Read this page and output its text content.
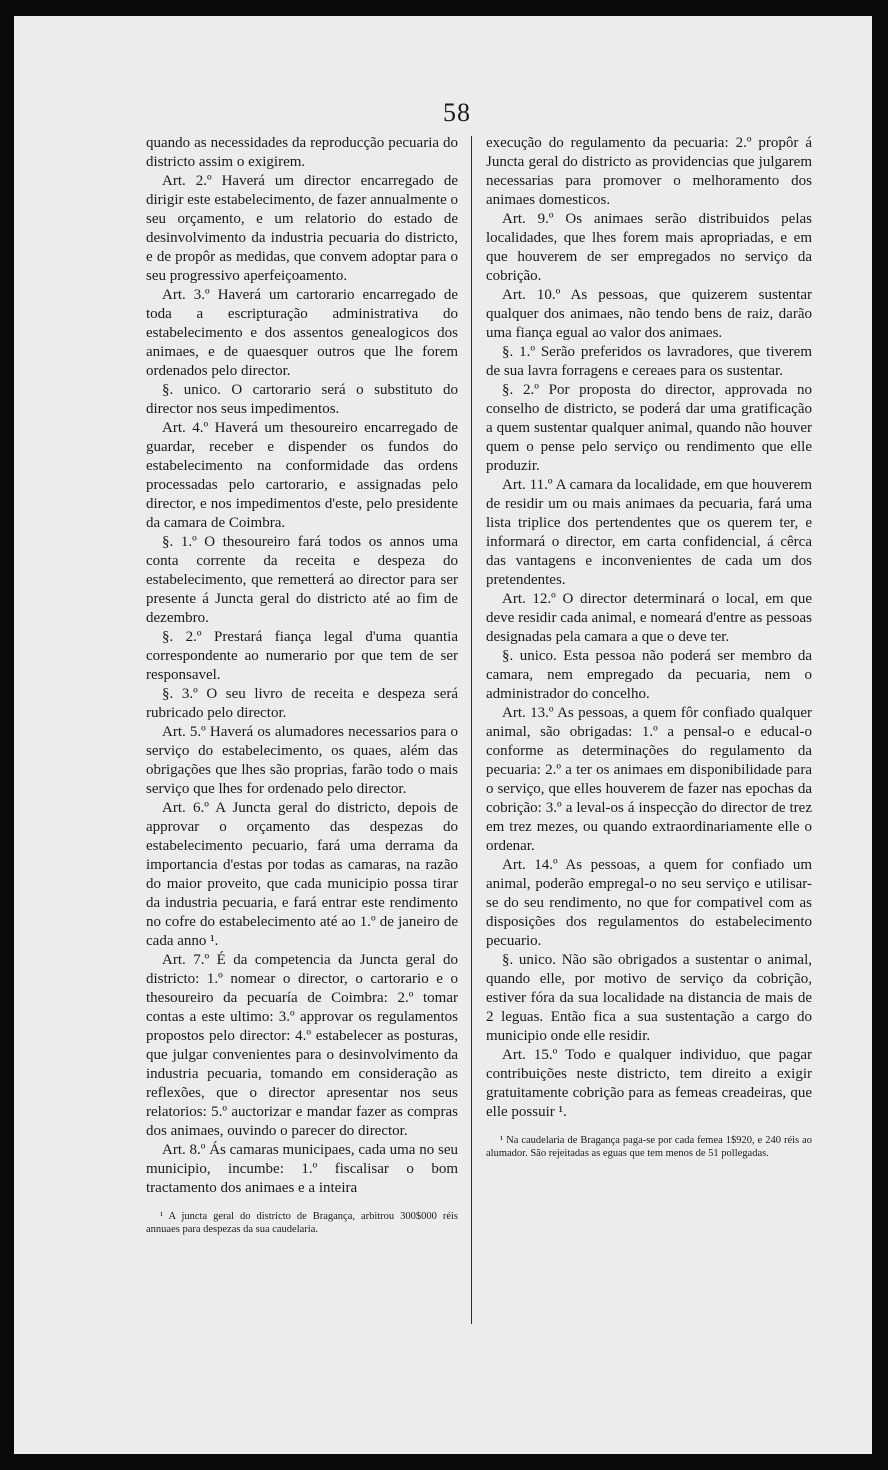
58

quando as necessidades da reproducção pecuaria do districto assim o exigirem.

Art. 2.º Haverá um director encarregado de dirigir este estabelecimento, de fazer annualmente o seu orçamento, e um relatorio do estado de desinvolvimento da industria pecuaria do districto, e de propôr as medidas, que convem adoptar para o seu progressivo aperfeiçoamento.

Art. 3.º Haverá um cartorario encarregado de toda a escripturação administrativa do estabelecimento e dos assentos genealogicos dos animaes, e de quaesquer outros que lhe forem ordenados pelo director.

§. unico. O cartorario será o substituto do director nos seus impedimentos.

Art. 4.º Haverá um thesoureiro encarregado de guardar, receber e dispender os fundos do estabelecimento na conformidade das ordens processadas pelo cartorario, e assignadas pelo director, e nos impedimentos d'este, pelo presidente da camara de Coimbra.

§. 1.º O thesoureiro fará todos os annos uma conta corrente da receita e despeza do estabelecimento, que remetterá ao director para ser presente á Juncta geral do districto até ao fim de dezembro.

§. 2.º Prestará fiança legal d'uma quantia correspondente ao numerario por que tem de ser responsavel.

§. 3.º O seu livro de receita e despeza será rubricado pelo director.

Art. 5.º Haverá os alumadores necessarios para o serviço do estabelecimento, os quaes, além das obrigações que lhes são proprias, farão todo o mais serviço que lhes for ordenado pelo director.

Art. 6.º A Juncta geral do districto, depois de approvar o orçamento das despezas do estabelecimento pecuario, fará uma derrama da importancia d'estas por todas as camaras, na razão do maior proveito, que cada municipio possa tirar da industria pecuaria, e fará entrar este rendimento no cofre do estabelecimento até ao 1.º de janeiro de cada anno ¹.

Art. 7.º É da competencia da Juncta geral do districto: 1.º nomear o director, o cartorario e o thesoureiro da pecuaría de Coimbra: 2.º tomar contas a este ultimo: 3.º approvar os regulamentos propostos pelo director: 4.º estabelecer as posturas, que julgar convenientes para o desinvolvimento da industria pecuaria, tomando em consideração as reflexões, que o director apresentar nos seus relatorios: 5.º auctorizar e mandar fazer as compras dos animaes, ouvindo o parecer do director.

Art. 8.º Ás camaras municipaes, cada uma no seu municipio, incumbe: 1.º fiscalisar o bom tractamento dos animaes e a inteira

¹ A juncta geral do districto de Bragança, arbitrou 300$000 réis annuaes para despezas da sua caudelaria.

execução do regulamento da pecuaria: 2.º propôr á Juncta geral do districto as providencias que julgarem necessarias para promover o melhoramento dos animaes domesticos.

Art. 9.º Os animaes serão distribuidos pelas localidades, que lhes forem mais apropriadas, e em que houverem de ser empregados no serviço da cobrição.

Art. 10.º As pessoas, que quizerem sustentar qualquer dos animaes, não tendo bens de raiz, darão uma fiança egual ao valor dos animaes.

§. 1.º Serão preferidos os lavradores, que tiverem de sua lavra forragens e cereaes para os sustentar.

§. 2.º Por proposta do director, approvada no conselho de districto, se poderá dar uma gratificação a quem sustentar qualquer animal, quando não houver quem o pense pelo serviço ou rendimento que elle produzir.

Art. 11.º A camara da localidade, em que houverem de residir um ou mais animaes da pecuaria, fará uma lista triplice dos pertendentes que os querem ter, e informará o director, em carta confidencial, á cêrca das vantagens e inconvenientes de cada um dos pretendentes.

Art. 12.º O director determinará o local, em que deve residir cada animal, e nomeará d'entre as pessoas designadas pela camara a que o deve ter.

§. unico. Esta pessoa não poderá ser membro da camara, nem empregado da pecuaria, nem o administrador do concelho.

Art. 13.º As pessoas, a quem fôr confiado qualquer animal, são obrigadas: 1.º a pensal-o e educal-o conforme as determinações do regulamento da pecuaria: 2.º a ter os animaes em disponibilidade para o serviço, que elles houverem de fazer nas epochas da cobrição: 3.º a leval-os á inspecção do director de trez em trez mezes, ou quando extraordinariamente elle o ordenar.

Art. 14.º As pessoas, a quem for confiado um animal, poderão empregal-o no seu serviço e utilisar-se do seu rendimento, no que for compativel com as disposições dos regulamentos do estabelecimento pecuario.

§. unico. Não são obrigados a sustentar o animal, quando elle, por motivo de serviço da cobrição, estiver fóra da sua localidade na distancia de mais de 2 leguas. Então fica a sua sustentação a cargo do municipio onde elle residir.

Art. 15.º Todo e qualquer individuo, que pagar contribuições neste districto, tem direito a exigir gratuitamente cobrição para as femeas creadeiras, que elle possuir ¹.

¹ Na caudelaria de Bragança paga-se por cada femea 1$920, e 240 réis ao alumador. São rejeitadas as eguas que tem menos de 51 pollegadas.
